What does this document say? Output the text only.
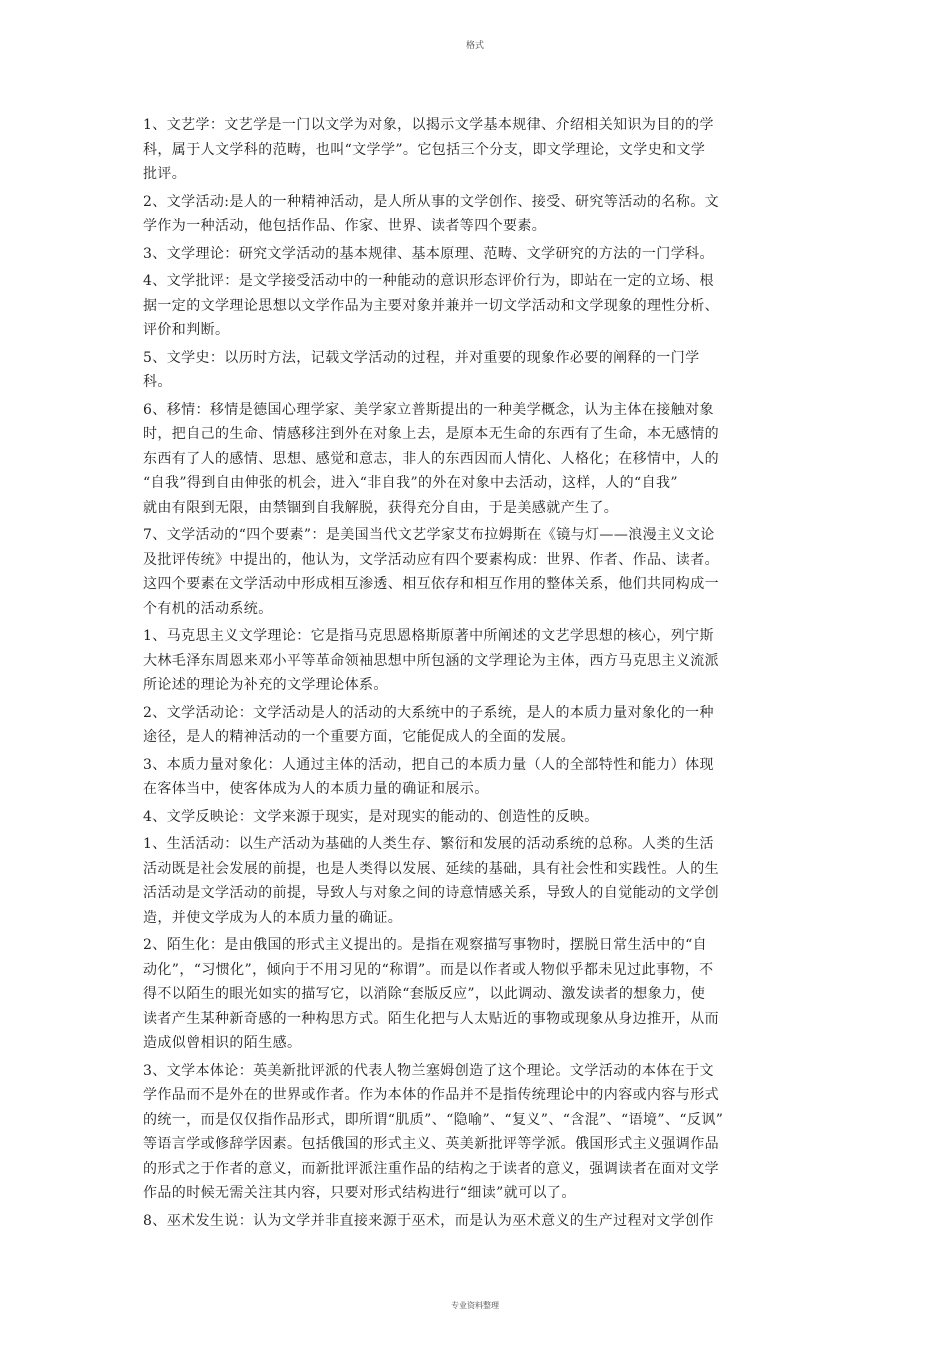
格式
1、文艺学：文艺学是一门以文学为对象，以揭示文学基本规律、介绍相关知识为目的的学
科，属于人文学科的范畴，也叫“文学学”。它包括三个分支，即文学理论，文学史和文学
批评。
2、文学活动:是人的一种精神活动，是人所从事的文学创作、接受、研究等活动的名称。文
学作为一种活动，他包括作品、作家、世界、读者等四个要素。
3、文学理论：研究文学活动的基本规律、基本原理、范畴、文学研究的方法的一门学科。
4、文学批评：是文学接受活动中的一种能动的意识形态评价行为，即站在一定的立场、根
据一定的文学理论思想以文学作品为主要对象并兼并一切文学活动和文学现象的理性分析、
评价和判断。
5、文学史：以历时方法，记载文学活动的过程，并对重要的现象作必要的阐释的一门学
科。
6、移情：移情是德国心理学家、美学家立普斯提出的一种美学概念，认为主体在接触对象
时，把自己的生命、情感移注到外在对象上去，是原本无生命的东西有了生命，本无感情的
东西有了人的感情、思想、感觉和意志，非人的东西因而人情化、人格化；在移情中，人的
“自我”得到自由伸张的机会，进入“非自我”的外在对象中去活动，这样，人的“自我”
就由有限到无限，由禁锢到自我解脱，获得充分自由，于是美感就产生了。
7、文学活动的“四个要素”：是美国当代文艺学家艾布拉姆斯在《镜与灯——浪漫主义文论
及批评传统》中提出的，他认为，文学活动应有四个要素构成：世界、作者、作品、读者。
这四个要素在文学活动中形成相互渗透、相互依存和相互作用的整体关系，他们共同构成一
个有机的活动系统。
1、马克思主义文学理论：它是指马克思恩格斯原著中所阐述的文艺学思想的核心，列宁斯
大林毛泽东周恩来邓小平等革命领袖思想中所包涵的文学理论为主体，西方马克思主义流派
所论述的理论为补充的文学理论体系。
2、文学活动论：文学活动是人的活动的大系统中的子系统，是人的本质力量对象化的一种
途径，是人的精神活动的一个重要方面，它能促成人的全面的发展。
3、本质力量对象化：人通过主体的活动，把自己的本质力量（人的全部特性和能力）体现
在客体当中，使客体成为人的本质力量的确证和展示。
4、文学反映论：文学来源于现实，是对现实的能动的、创造性的反映。
1、生活活动：以生产活动为基础的人类生存、繁衍和发展的活动系统的总称。人类的生活
活动既是社会发展的前提，也是人类得以发展、延续的基础，具有社会性和实践性。人的生
活活动是文学活动的前提，导致人与对象之间的诗意情感关系，导致人的自觉能动的文学创
造，并使文学成为人的本质力量的确证。
2、陌生化：是由俄国的形式主义提出的。是指在观察描写事物时，摆脱日常生活中的“自
动化”，“习惯化”，倾向于不用习见的“称谓”。而是以作者或人物似乎都未见过此事物，不
得不以陌生的眼光如实的描写它，以消除“套版反应”，以此调动、激发读者的想象力，使
读者产生某种新奇感的一种构思方式。陌生化把与人太贴近的事物或现象从身边推开，从而
造成似曾相识的陌生感。
3、文学本体论：英美新批评派的代表人物兰塞姆创造了这个理论。文学活动的本体在于文
学作品而不是外在的世界或作者。作为本体的作品并不是指传统理论中的内容或内容与形式
的统一，而是仅仅指作品形式，即所谓“肌质”、“隐喻”、“复义”、“含混”、“语境”、“反讽”
等语言学或修辞学因素。包括俄国的形式主义、英美新批评等学派。俄国形式主义强调作品
的形式之于作者的意义，而新批评派注重作品的结构之于读者的意义，强调读者在面对文学
作品的时候无需关注其内容，只要对形式结构进行“细读”就可以了。
8、巫术发生说：认为文学并非直接来源于巫术，而是认为巫术意义的生产过程对文学创作
专业资料整理
